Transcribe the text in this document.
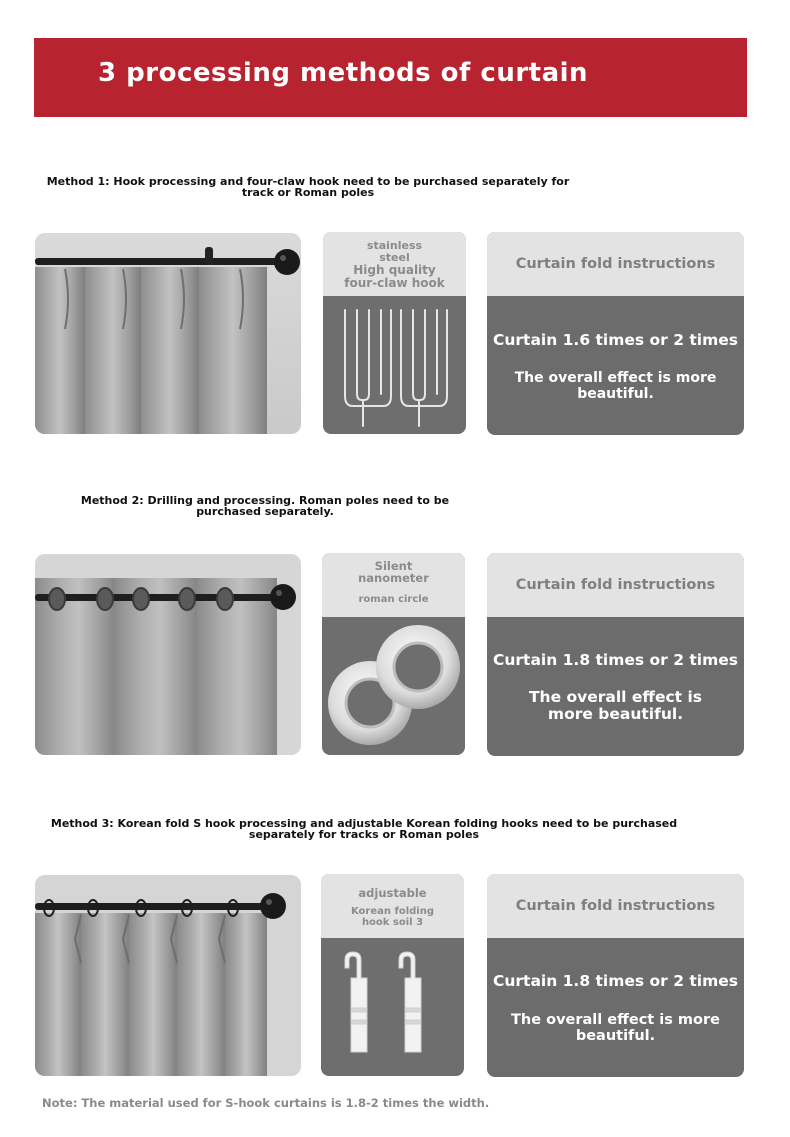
3 processing methods of curtain
Method 1: Hook processing and four-claw hook need to be purchased separately for track or Roman poles
stainless
steel
High quality
four-claw hook
Curtain fold instructions
Curtain 1.6 times or 2 times
The overall effect is more beautiful.
Method 2: Drilling and processing. Roman poles need to be purchased separately.
Silent
nanometer
roman circle
Curtain fold instructions
Curtain 1.8 times or 2 times
The overall effect is more beautiful.
Method 3: Korean fold S hook processing and adjustable Korean folding hooks need to be purchased separately for tracks or Roman poles
adjustable
Korean folding
hook soil 3
Curtain fold instructions
Curtain 1.8 times or 2 times
The overall effect is more beautiful.
Note: The material used for S-hook curtains is 1.8-2 times the width.
